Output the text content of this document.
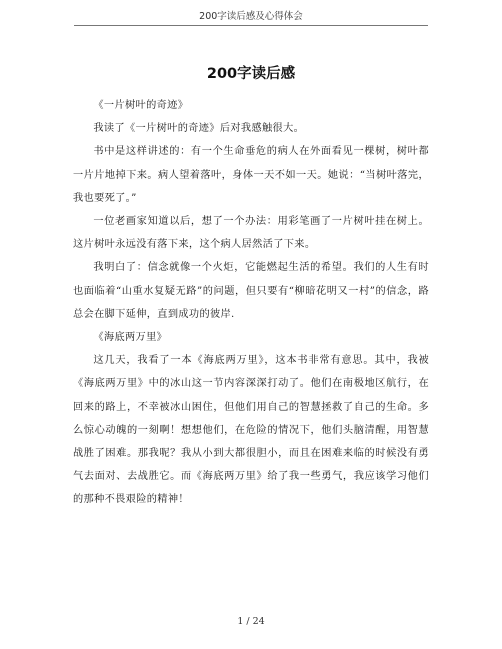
200字读后感及心得体会
200字读后感

《一片树叶的奇迹》

我读了《一片树叶的奇迹》后对我感触很大。

书中是这样讲述的：有一个生命垂危的病人在外面看见一棵树，树叶都一片片地掉下来。病人望着落叶，身体一天不如一天。她说：“当树叶落完，我也要死了。”

一位老画家知道以后，想了一个办法：用彩笔画了一片树叶挂在树上。这片树叶永远没有落下来，这个病人居然活了下来。

我明白了：信念就像一个火炬，它能燃起生活的希望。我们的人生有时也面临着“山重水复疑无路”的问题，但只要有“柳暗花明又一村”的信念，路总会在脚下延伸，直到成功的彼岸.

《海底两万里》

这几天，我看了一本《海底两万里》，这本书非常有意思。其中，我被《海底两万里》中的冰山这一节内容深深打动了。他们在南极地区航行，在回来的路上，不幸被冰山困住，但他们用自己的智慧拯救了自己的生命。多么惊心动魄的一刻啊！想想他们，在危险的情况下，他们头脑清醒，用智慧战胜了困难。那我呢？我从小到大都很胆小，而且在困难来临的时候没有勇气去面对、去战胜它。而《海底两万里》给了我一些勇气，我应该学习他们的那种不畏艰险的精神！

1 / 24
